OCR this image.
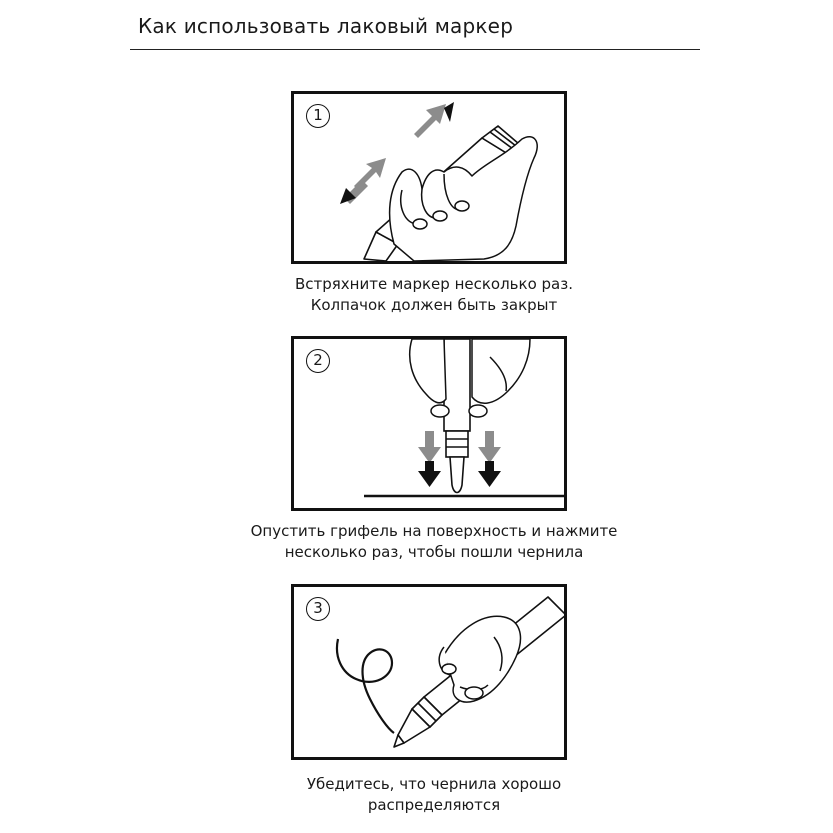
Как использовать лаковый маркер
1
Встряхните маркер несколько раз.
Колпачок должен быть закрыт
2
Опустить грифель на поверхность и нажмите
несколько раз, чтобы пошли чернила
3
Убедитесь, что чернила хорошо
распределяются
